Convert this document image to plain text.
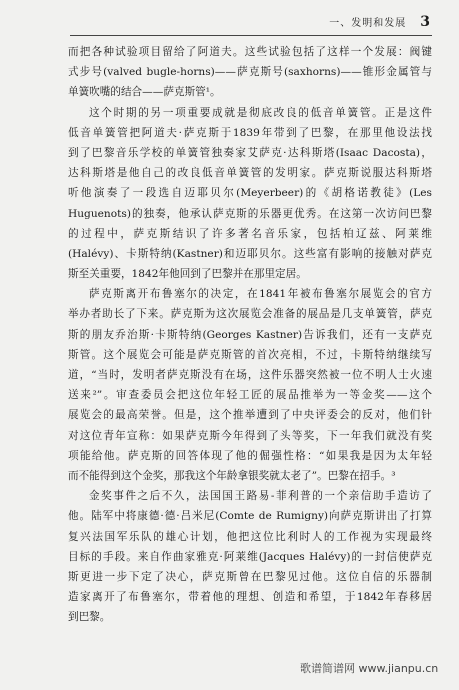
一、发明和发展 3
而把各种试验项目留给了阿道夫。这些试验包括了这样一个发展：阀键
式步号(valved bugle-horns)——萨克斯号(saxhorns)——锥形金属管与
单簧吹嘴的结合——萨克斯管¹。
这个时期的另一项重要成就是彻底改良的低音单簧管。正是这件
低音单簧管把阿道夫·萨克斯于1839年带到了巴黎，在那里他设法找
到了巴黎音乐学校的单簧管独奏家艾萨克·达科斯塔(Isaac Dacosta)，
达科斯塔是他自己的改良低音单簧管的发明家。萨克斯说服达科斯塔
听他演奏了一段选自迈耶贝尔(Meyerbeer)的《胡格诺教徒》(Les
Huguenots)的独奏，他承认萨克斯的乐器更优秀。在这第一次访问巴黎
的过程中，萨克斯结识了许多著名音乐家，包括柏辽兹、阿莱维
(Halévy)、卡斯特纳(Kastner)和迈耶贝尔。这些富有影响的接触对萨克
斯至关重要，1842年他回到了巴黎并在那里定居。
萨克斯离开布鲁塞尔的决定，在1841年被布鲁塞尔展览会的官方
举办者助长了下来。萨克斯为这次展览会准备的展品是几支单簧管，萨克
斯的朋友乔治斯·卡斯特纳(Georges Kastner)告诉我们，还有一支萨克
斯管。这个展览会可能是萨克斯管的首次亮相，不过，卡斯特纳继续写
道，“当时，发明者萨克斯没有在场，这件乐器突然被一位不明人士火速
送来²”。审查委员会把这位年轻工匠的展品推举为一等金奖——这个
展览会的最高荣誉。但是，这个推举遭到了中央评委会的反对，他们针
对这位青年宣称：如果萨克斯今年得到了头等奖，下一年我们就没有奖
项能给他。萨克斯的回答体现了他的倔强性格：“如果我是因为太年轻
而不能得到这个金奖，那我这个年龄拿银奖就太老了”。巴黎在招手。³
金奖事件之后不久，法国国王路易-菲利普的一个亲信助手造访了
他。陆军中将康德·德·吕米尼(Comte de Rumigny)向萨克斯讲出了打算
复兴法国军乐队的雄心计划，他把这位比利时人的工作视为实现最终
目标的手段。来自作曲家雅克·阿莱维(Jacques Halévy)的一封信使萨克
斯更进一步下定了决心，萨克斯曾在巴黎见过他。这位自信的乐器制
造家离开了布鲁塞尔，带着他的理想、创造和希望，于1842年春移居
到巴黎。
歌谱简谱网 www.jianpu.cn
